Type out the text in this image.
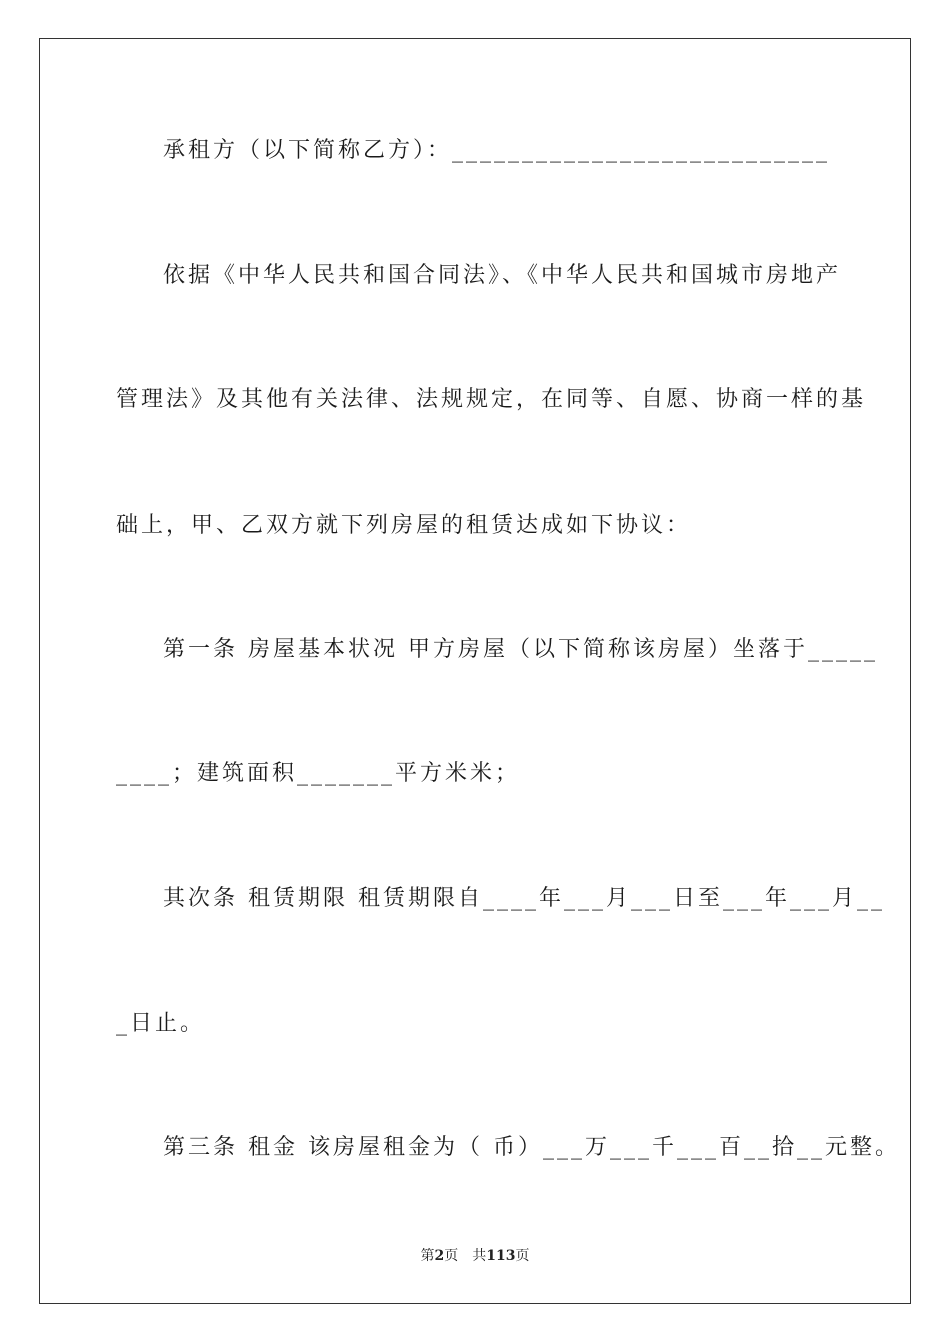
承租方（以下简称乙方）：___________________________
依据《中华人民共和国合同法》、《中华人民共和国城市房地产
管理法》及其他有关法律、法规规定，在同等、自愿、协商一样的基
础上，甲、乙双方就下列房屋的租赁达成如下协议：
第一条 房屋基本状况 甲方房屋（以下简称该房屋）坐落于_____
____；建筑面积_______平方米米；
其次条 租赁期限 租赁期限自____年___月___日至___年___月__
_日止。
第三条 租金 该房屋租金为（ 币）___万___千___百__拾__元整。
第2页　共113页
